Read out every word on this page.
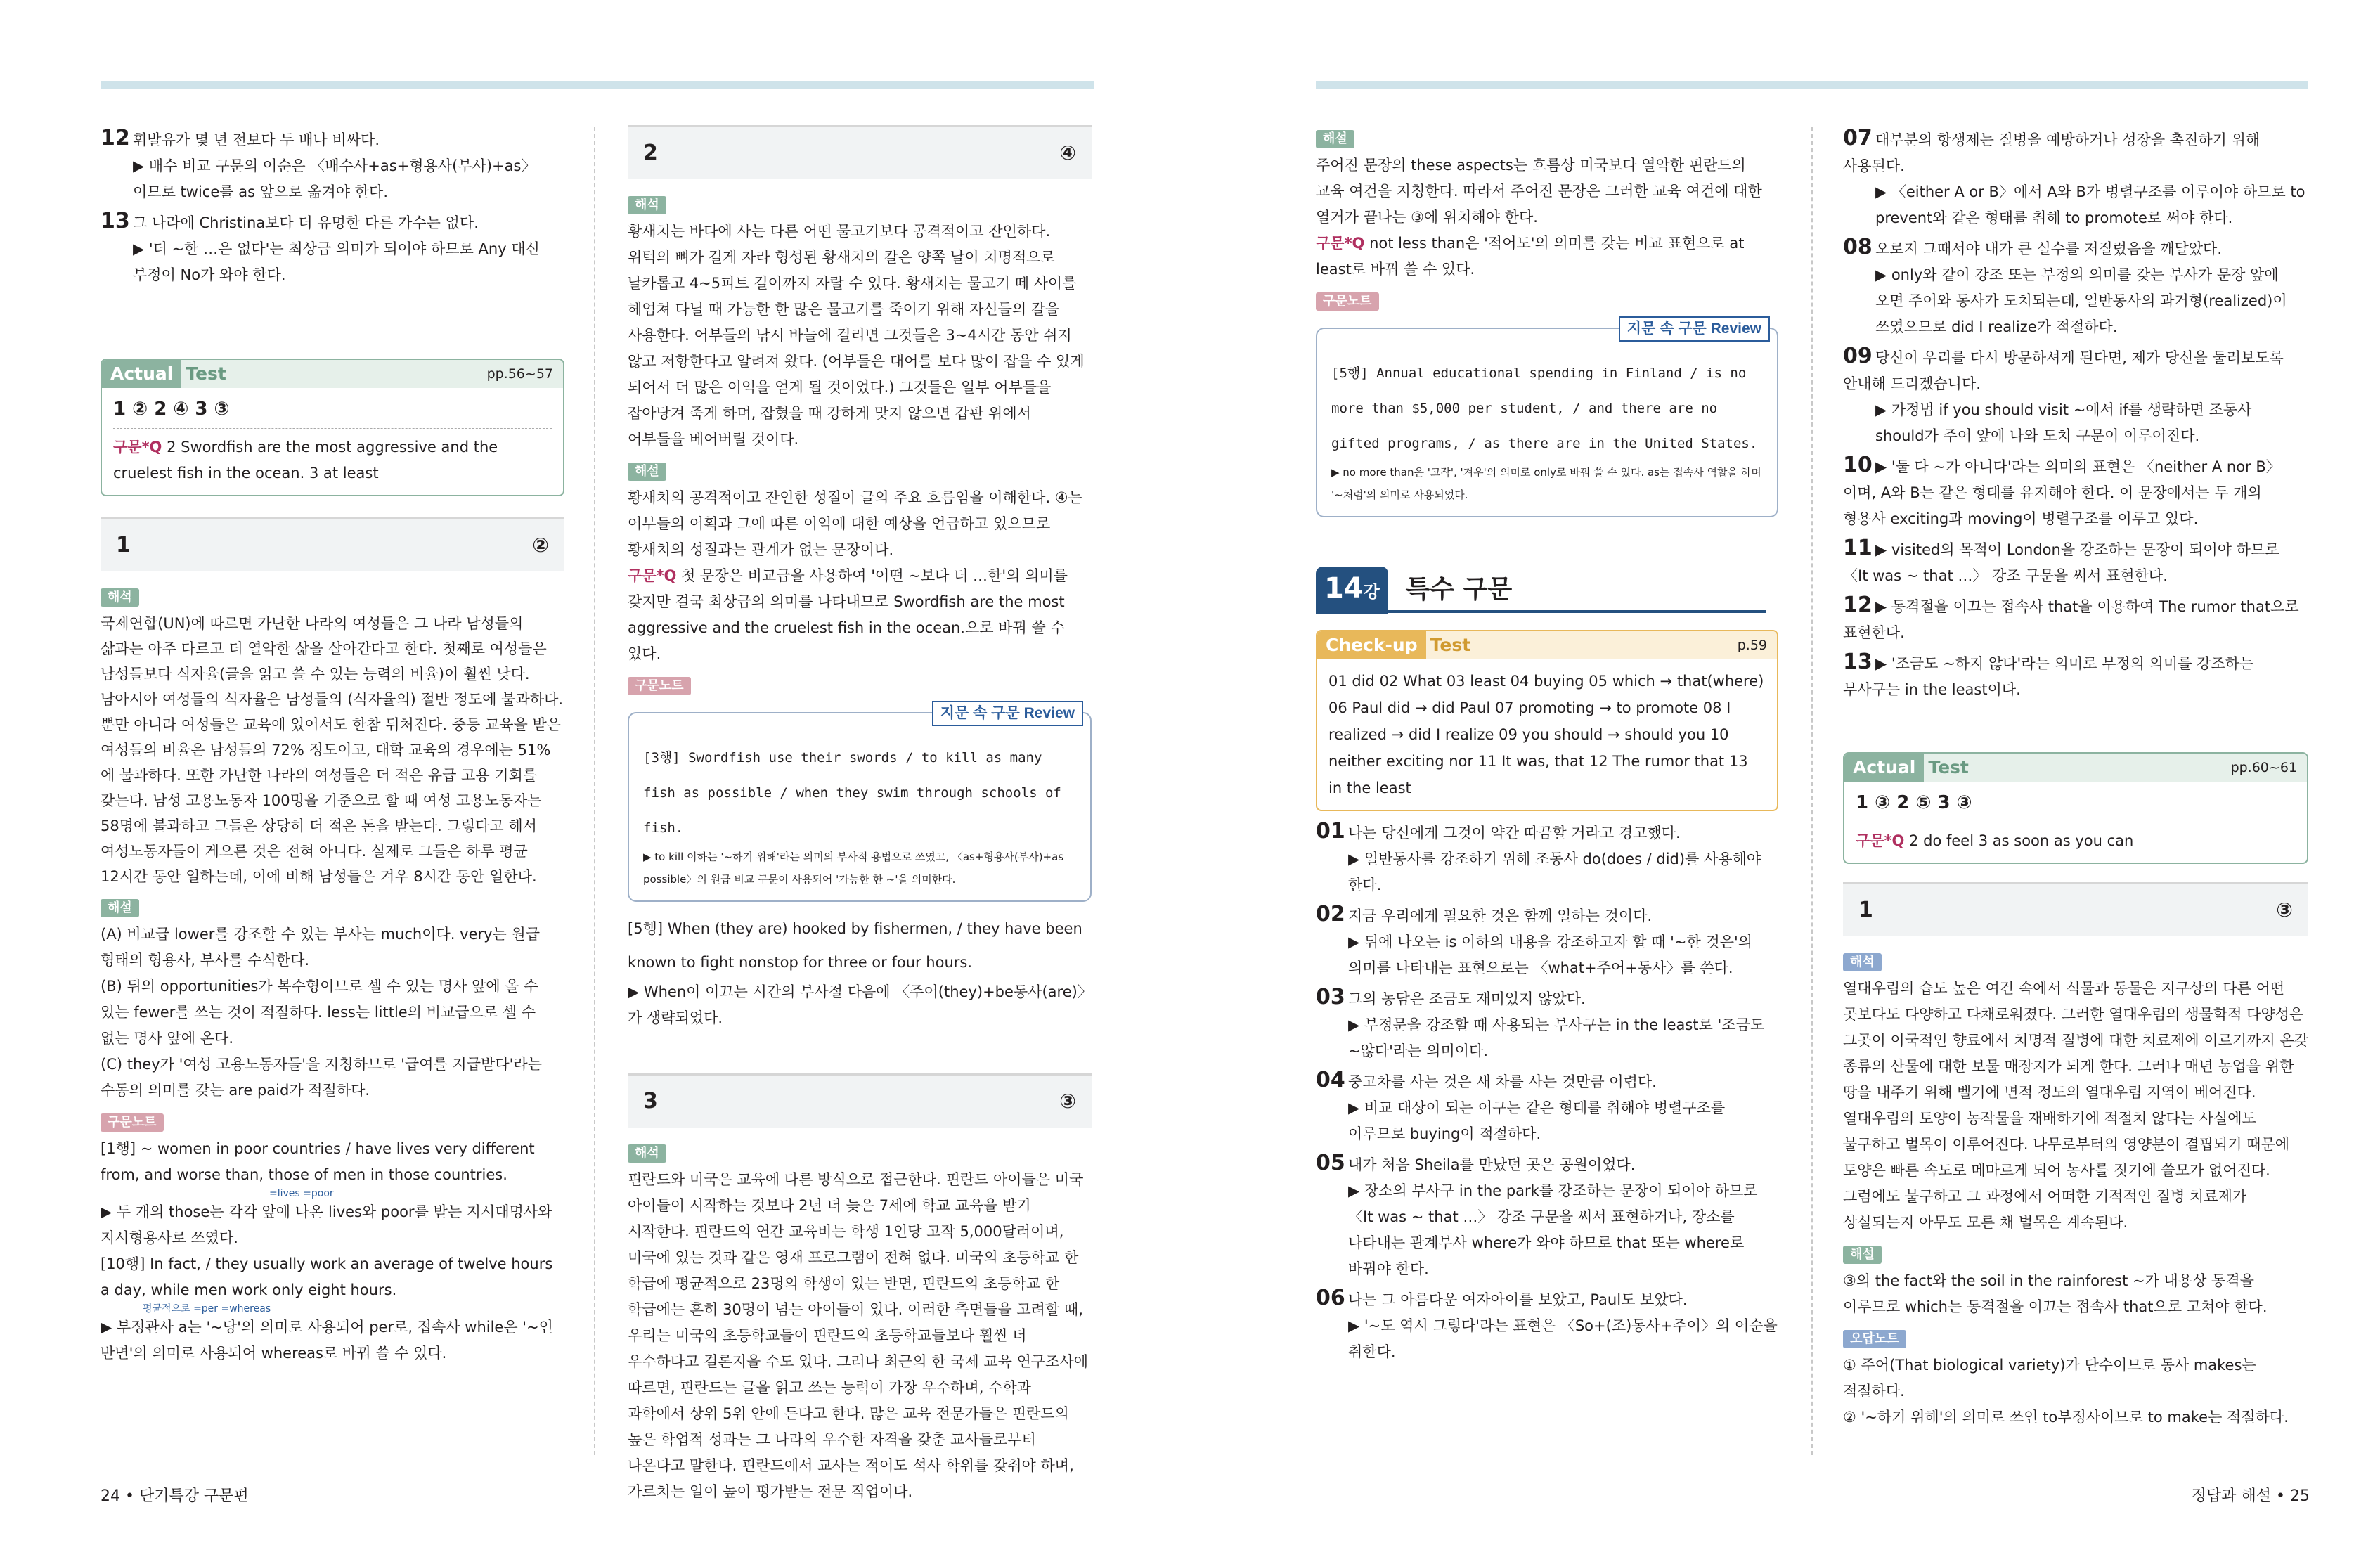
12 휘발유가 몇 년 전보다 두 배나 비싸다.

▶ 배수 비교 구문의 어순은 〈배수사+as+형용사(부사)+as〉이므로 twice를 as 앞으로 옮겨야 한다.

13 그 나라에 Christina보다 더 유명한 다른 가수는 없다.

▶ '더 ~한 …은 없다'는 최상급 의미가 되어야 하므로 Any 대신 부정어 No가 와야 한다.

Actual Test	pp.56~57

1 ② 2 ④ 3 ③

구문*Q 2 Swordfish are the most aggressive and the cruelest fish in the ocean. 3 at least

1	②
해석

국제연합(UN)에 따르면 가난한 나라의 여성들은 그 나라 남성들의 삶과는 아주 다르고 더 열악한 삶을 살아간다고 한다. 첫째로 여성들은 남성들보다 식자율(글을 읽고 쓸 수 있는 능력의 비율)이 훨씬 낮다. 남아시아 여성들의 식자율은 남성들의 (식자율의) 절반 정도에 불과하다. 뿐만 아니라 여성들은 교육에 있어서도 한참 뒤처진다. 중등 교육을 받은 여성들의 비율은 남성들의 72% 정도이고, 대학 교육의 경우에는 51%에 불과하다. 또한 가난한 나라의 여성들은 더 적은 유급 고용 기회를 갖는다. 남성 고용노동자 100명을 기준으로 할 때 여성 고용노동자는 58명에 불과하고 그들은 상당히 더 적은 돈을 받는다. 그렇다고 해서 여성노동자들이 게으른 것은 전혀 아니다. 실제로 그들은 하루 평균 12시간 동안 일하는데, 이에 비해 남성들은 겨우 8시간 동안 일한다.

해설

(A) 비교급 lower를 강조할 수 있는 부사는 much이다. very는 원급 형태의 형용사, 부사를 수식한다.

(B) 뒤의 opportunities가 복수형이므로 셀 수 있는 명사 앞에 올 수 있는 fewer를 쓰는 것이 적절하다. less는 little의 비교급으로 셀 수 없는 명사 앞에 온다.

(C) they가 '여성 고용노동자들'을 지칭하므로 '급여를 지급받다'라는 수동의 의미를 갖는 are paid가 적절하다.

구문노트

[1행] ~ women in poor countries / have lives very different from, and worse than, those of men in those countries.

=lives =poor

▶ 두 개의 those는 각각 앞에 나온 lives와 poor를 받는 지시대명사와 지시형용사로 쓰였다.

[10행] In fact, / they usually work an average of twelve hours a day, while men work only eight hours.

평균적으로 =per =whereas

▶ 부정관사 a는 '~당'의 의미로 사용되어 per로, 접속사 while은 '~인 반면'의 의미로 사용되어 whereas로 바꿔 쓸 수 있다.

2	④
해석

황새치는 바다에 사는 다른 어떤 물고기보다 공격적이고 잔인하다. 위턱의 뼈가 길게 자라 형성된 황새치의 칼은 양쪽 날이 치명적으로 날카롭고 4~5피트 길이까지 자랄 수 있다. 황새치는 물고기 떼 사이를 헤엄쳐 다닐 때 가능한 한 많은 물고기를 죽이기 위해 자신들의 칼을 사용한다. 어부들의 낚시 바늘에 걸리면 그것들은 3~4시간 동안 쉬지 않고 저항한다고 알려져 왔다. (어부들은 대어를 보다 많이 잡을 수 있게 되어서 더 많은 이익을 얻게 될 것이었다.) 그것들은 일부 어부들을 잡아당겨 죽게 하며, 잡혔을 때 강하게 맞지 않으면 갑판 위에서 어부들을 베어버릴 것이다.

해설

황새치의 공격적이고 잔인한 성질이 글의 주요 흐름임을 이해한다. ④는 어부들의 어획과 그에 따른 이익에 대한 예상을 언급하고 있으므로 황새치의 성질과는 관계가 없는 문장이다.

구문*Q 첫 문장은 비교급을 사용하여 '어떤 ~보다 더 …한'의 의미를 갖지만 결국 최상급의 의미를 나타내므로 Swordfish are the most aggressive and the cruelest fish in the ocean.으로 바꿔 쓸 수 있다.

구문노트
지문 속 구문 Review

[3행] Swordfish use their swords / to kill as many fish as possible / when they swim through schools of fish.

▶ to kill 이하는 '~하기 위해'라는 의미의 부사적 용법으로 쓰였고, 〈as+형용사(부사)+as possible〉의 원급 비교 구문이 사용되어 '가능한 한 ~'을 의미한다.

[5행] When (they are) hooked by fishermen, / they have been known to fight nonstop for three or four hours.

▶ When이 이끄는 시간의 부사절 다음에 〈주어(they)+be동사(are)〉가 생략되었다.

3	③
해석

핀란드와 미국은 교육에 다른 방식으로 접근한다. 핀란드 아이들은 미국 아이들이 시작하는 것보다 2년 더 늦은 7세에 학교 교육을 받기 시작한다. 핀란드의 연간 교육비는 학생 1인당 고작 5,000달러이며, 미국에 있는 것과 같은 영재 프로그램이 전혀 없다. 미국의 초등학교 한 학급에 평균적으로 23명의 학생이 있는 반면, 핀란드의 초등학교 한 학급에는 흔히 30명이 넘는 아이들이 있다. 이러한 측면들을 고려할 때, 우리는 미국의 초등학교들이 핀란드의 초등학교들보다 훨씬 더 우수하다고 결론지을 수도 있다. 그러나 최근의 한 국제 교육 연구조사에 따르면, 핀란드는 글을 읽고 쓰는 능력이 가장 우수하며, 수학과 과학에서 상위 5위 안에 든다고 한다. 많은 교육 전문가들은 핀란드의 높은 학업적 성과는 그 나라의 우수한 자격을 갖춘 교사들로부터 나온다고 말한다. 핀란드에서 교사는 적어도 석사 학위를 갖춰야 하며, 가르치는 일이 높이 평가받는 전문 직업이다.

24 • 단기특강 구문편
해설

주어진 문장의 these aspects는 흐름상 미국보다 열악한 핀란드의 교육 여건을 지칭한다. 따라서 주어진 문장은 그러한 교육 여건에 대한 열거가 끝나는 ③에 위치해야 한다.

구문*Q not less than은 '적어도'의 의미를 갖는 비교 표현으로 at least로 바꿔 쓸 수 있다.

구문노트
지문 속 구문 Review

[5행] Annual educational spending in Finland / is no more than $5,000 per student, / and there are no gifted programs, / as there are in the United States.

▶ no more than은 '고작', '겨우'의 의미로 only로 바꿔 쓸 수 있다. as는 접속사 역할을 하며 '~처럼'의 의미로 사용되었다.

14강 특수 구문
Check-up Test	p.59

01 did 02 What 03 least 04 buying 05 which → that(where) 06 Paul did → did Paul 07 promoting → to promote 08 I realized → did I realize 09 you should → should you 10 neither exciting nor 11 It was, that 12 The rumor that 13 in the least

01 나는 당신에게 그것이 약간 따끔할 거라고 경고했다.

▶ 일반동사를 강조하기 위해 조동사 do(does / did)를 사용해야 한다.

02 지금 우리에게 필요한 것은 함께 일하는 것이다.

▶ 뒤에 나오는 is 이하의 내용을 강조하고자 할 때 '~한 것은'의 의미를 나타내는 표현으로는 〈what+주어+동사〉를 쓴다.

03 그의 농담은 조금도 재미있지 않았다.

▶ 부정문을 강조할 때 사용되는 부사구는 in the least로 '조금도 ~않다'라는 의미이다.

04 중고차를 사는 것은 새 차를 사는 것만큼 어렵다.

▶ 비교 대상이 되는 어구는 같은 형태를 취해야 병렬구조를 이루므로 buying이 적절하다.

05 내가 처음 Sheila를 만났던 곳은 공원이었다.

▶ 장소의 부사구 in the park를 강조하는 문장이 되어야 하므로 〈It was ~ that …〉 강조 구문을 써서 표현하거나, 장소를 나타내는 관계부사 where가 와야 하므로 that 또는 where로 바꿔야 한다.

06 나는 그 아름다운 여자아이를 보았고, Paul도 보았다.

▶ '~도 역시 그렇다'라는 표현은 〈So+(조)동사+주어〉의 어순을 취한다.

07 대부분의 항생제는 질병을 예방하거나 성장을 촉진하기 위해 사용된다.

▶ 〈either A or B〉에서 A와 B가 병렬구조를 이루어야 하므로 to prevent와 같은 형태를 취해 to promote로 써야 한다.

08 오로지 그때서야 내가 큰 실수를 저질렀음을 깨달았다.

▶ only와 같이 강조 또는 부정의 의미를 갖는 부사가 문장 앞에 오면 주어와 동사가 도치되는데, 일반동사의 과거형(realized)이 쓰였으므로 did I realize가 적절하다.

09 당신이 우리를 다시 방문하셔게 된다면, 제가 당신을 둘러보도록 안내해 드리겠습니다.

▶ 가정법 if you should visit ~에서 if를 생략하면 조동사 should가 주어 앞에 나와 도치 구문이 이루어진다.

10 ▶ '둘 다 ~가 아니다'라는 의미의 표현은 〈neither A nor B〉이며, A와 B는 같은 형태를 유지해야 한다. 이 문장에서는 두 개의 형용사 exciting과 moving이 병렬구조를 이루고 있다.

11 ▶ visited의 목적어 London을 강조하는 문장이 되어야 하므로 〈It was ~ that …〉 강조 구문을 써서 표현한다.

12 ▶ 동격절을 이끄는 접속사 that을 이용하여 The rumor that으로 표현한다.

13 ▶ '조금도 ~하지 않다'라는 의미로 부정의 의미를 강조하는 부사구는 in the least이다.

Actual Test	pp.60~61

1 ③ 2 ⑤ 3 ③

구문*Q 2 do feel 3 as soon as you can

1	③
해석

열대우림의 습도 높은 여건 속에서 식물과 동물은 지구상의 다른 어떤 곳보다도 다양하고 다채로워졌다. 그러한 열대우림의 생물학적 다양성은 그곳이 이국적인 향료에서 치명적 질병에 대한 치료제에 이르기까지 온갖 종류의 산물에 대한 보물 매장지가 되게 한다. 그러나 매년 농업을 위한 땅을 내주기 위해 벨기에 면적 정도의 열대우림 지역이 베어진다. 열대우림의 토양이 농작물을 재배하기에 적절치 않다는 사실에도 불구하고 벌목이 이루어진다. 나무로부터의 영양분이 결핍되기 때문에 토양은 빠른 속도로 메마르게 되어 농사를 짓기에 쓸모가 없어진다. 그럼에도 불구하고 그 과정에서 어떠한 기적적인 질병 치료제가 상실되는지 아무도 모른 채 벌목은 계속된다.

해설

③의 the fact와 the soil in the rainforest ~가 내용상 동격을 이루므로 which는 동격절을 이끄는 접속사 that으로 고쳐야 한다.

오답노트

① 주어(That biological variety)가 단수이므로 동사 makes는 적절하다.

② '~하기 위해'의 의미로 쓰인 to부정사이므로 to make는 적절하다.

정답과 해설 • 25
